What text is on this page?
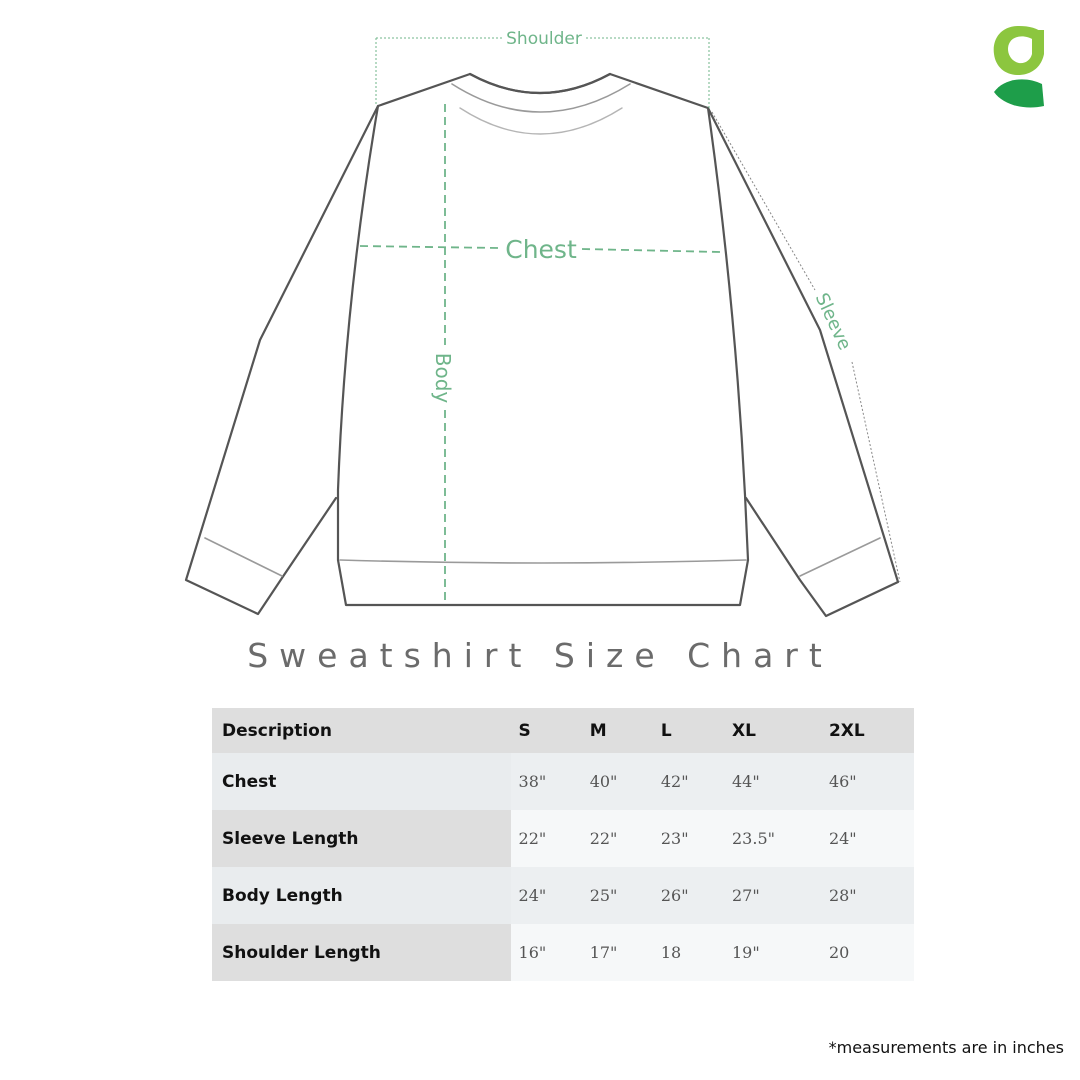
Shoulder
Chest
Body
Sleeve
Sweatshirt Size Chart
Description	S	M	L	XL	2XL
Chest	38"	40"	42"	44"	46"
Sleeve Length	22"	22"	23"	23.5"	24"
Body Length	24"	25"	26"	27"	28"
Shoulder Length	16"	17"	18	19"	20
*measurements are in inches
